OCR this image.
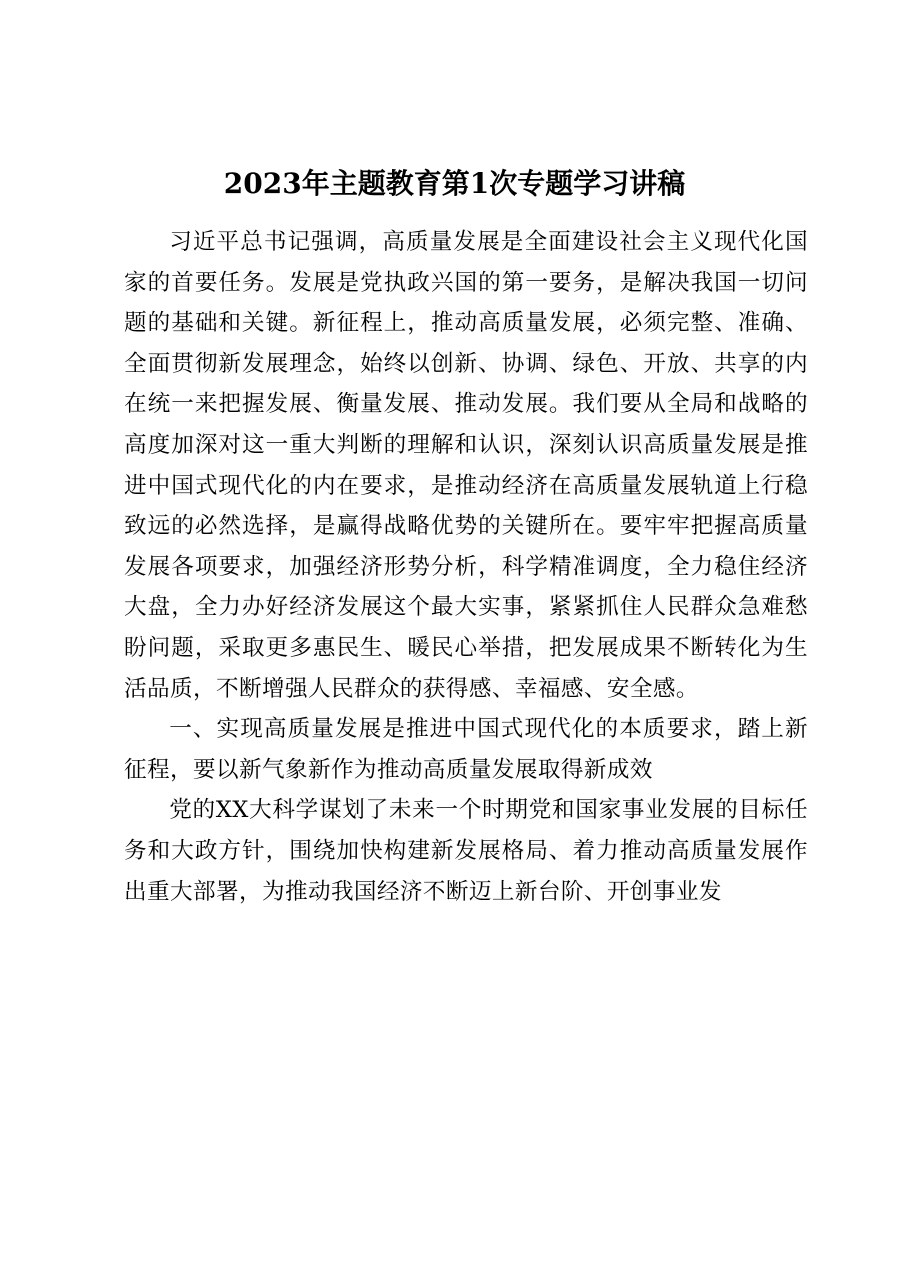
2023年主题教育第1次专题学习讲稿

习近平总书记强调，高质量发展是全面建设社会主义现代化国家的首要任务。发展是党执政兴国的第一要务，是解决我国一切问题的基础和关键。新征程上，推动高质量发展，必须完整、准确、全面贯彻新发展理念，始终以创新、协调、绿色、开放、共享的内在统一来把握发展、衡量发展、推动发展。我们要从全局和战略的高度加深对这一重大判断的理解和认识，深刻认识高质量发展是推进中国式现代化的内在要求，是推动经济在高质量发展轨道上行稳致远的必然选择，是赢得战略优势的关键所在。要牢牢把握高质量发展各项要求，加强经济形势分析，科学精准调度，全力稳住经济大盘，全力办好经济发展这个最大实事，紧紧抓住人民群众急难愁盼问题，采取更多惠民生、暖民心举措，把发展成果不断转化为生活品质，不断增强人民群众的获得感、幸福感、安全感。

一、实现高质量发展是推进中国式现代化的本质要求，踏上新征程，要以新气象新作为推动高质量发展取得新成效

党的XX大科学谋划了未来一个时期党和国家事业发展的目标任务和大政方针，围绕加快构建新发展格局、着力推动高质量发展作出重大部署，为推动我国经济不断迈上新台阶、开创事业发
